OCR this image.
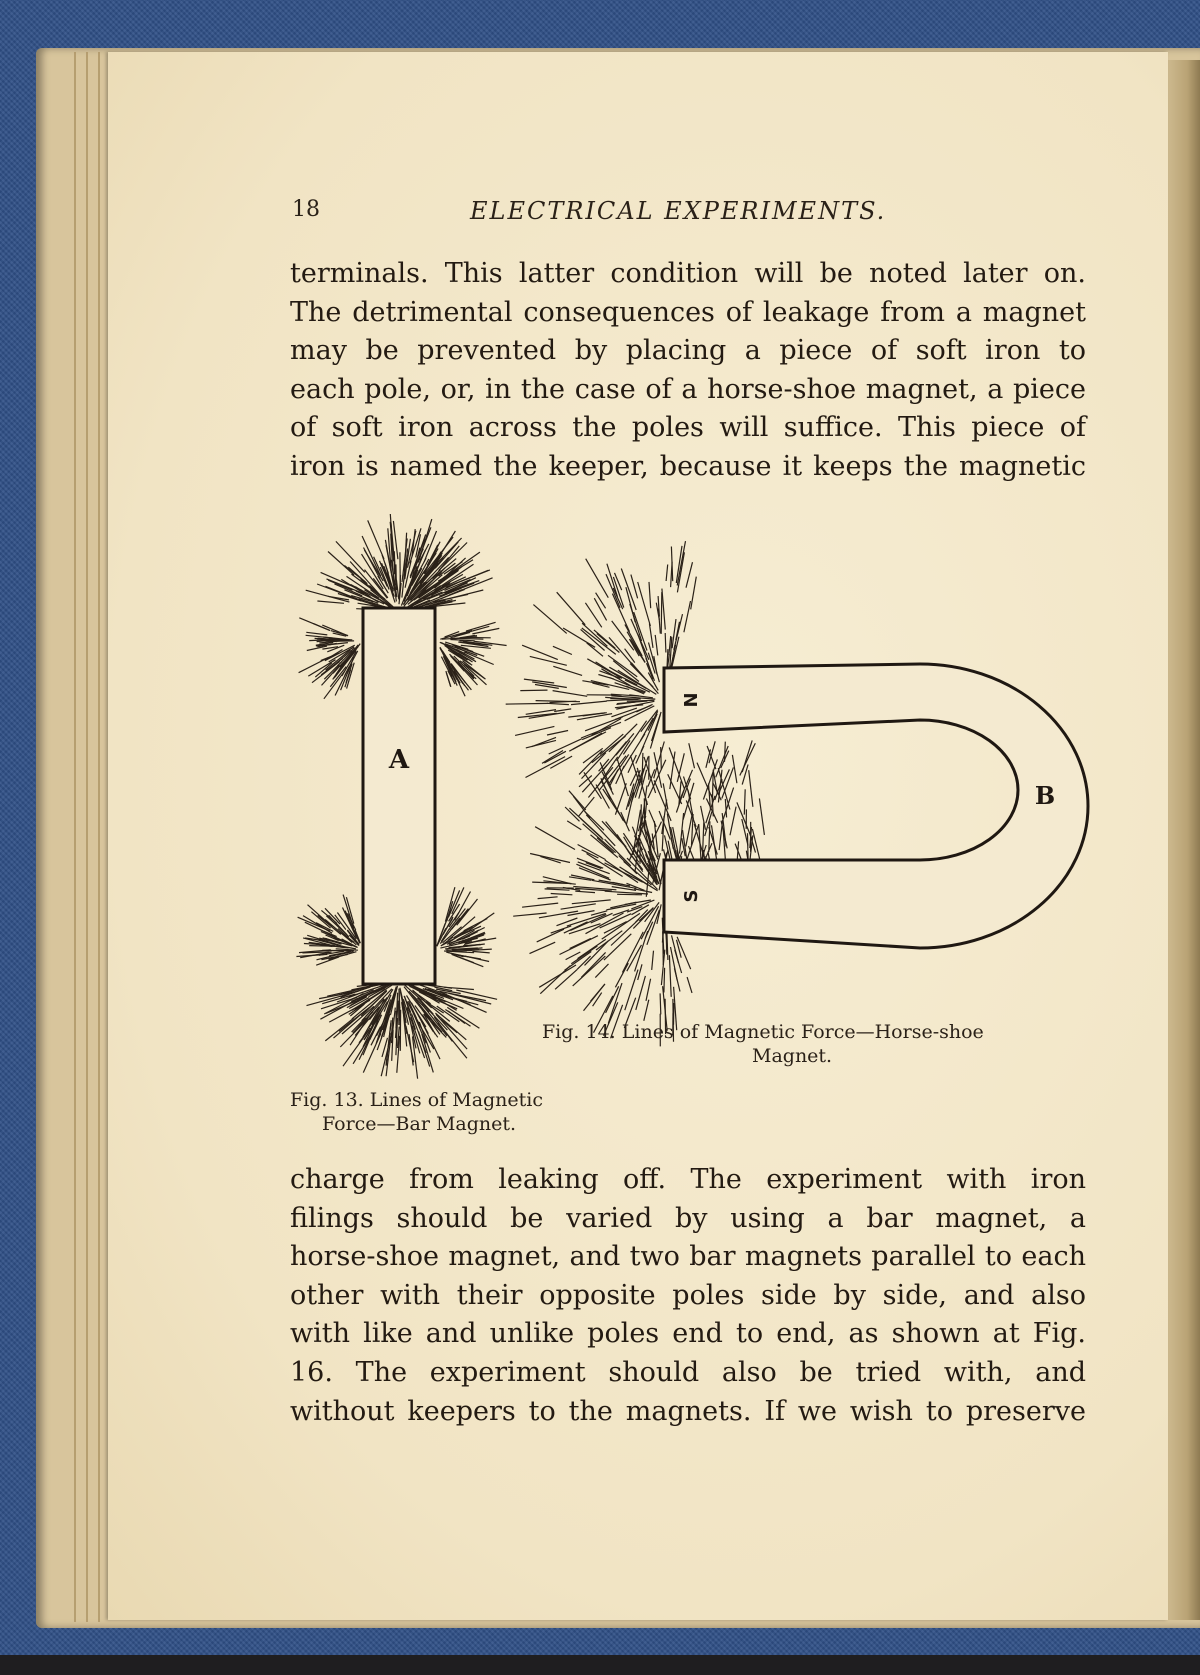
18	ELECTRICAL EXPERIMENTS.

terminals. This latter condition will be noted later on.
The detrimental consequences of leakage from a magnet
may be prevented by placing a piece of soft iron to
each pole, or, in the case of a horse-shoe magnet, a piece
of soft iron across the poles will suffice. This piece of
iron is named the keeper, because it keeps the magnetic

A
N
S
B
Fig. 14. Lines of Magnetic Force—Horse-shoe
Magnet.
Fig. 13. Lines of Magnetic
Force—Bar Magnet.

charge from leaking off. The experiment with iron
filings should be varied by using a bar magnet, a
horse-shoe magnet, and two bar magnets parallel to each
other with their opposite poles side by side, and also
with like and unlike poles end to end, as shown at Fig.
16. The experiment should also be tried with, and
without keepers to the magnets. If we wish to preserve
